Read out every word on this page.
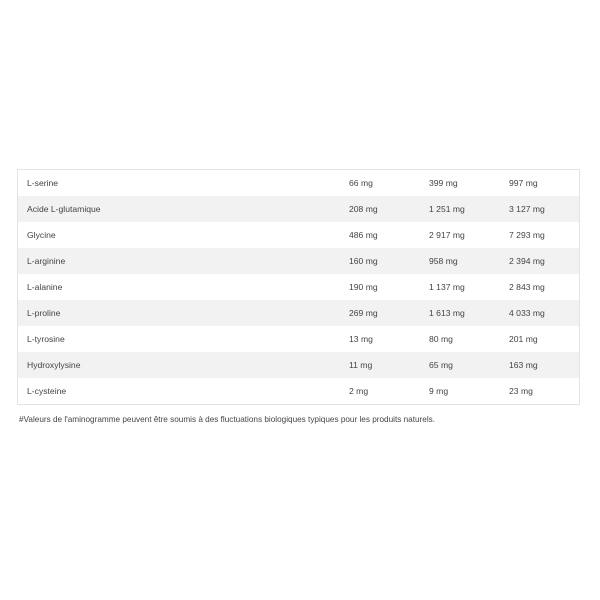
L-serine	66 mg	399 mg	997 mg
Acide L-glutamique	208 mg	1 251 mg	3 127 mg
Glycine	486 mg	2 917 mg	7 293 mg
L-arginine	160 mg	958 mg	2 394 mg
L-alanine	190 mg	1 137 mg	2 843 mg
L-proline	269 mg	1 613 mg	4 033 mg
L-tyrosine	13 mg	80 mg	201 mg
Hydroxylysine	11 mg	65 mg	163 mg
L-cysteine	2 mg	9 mg	23 mg
#Valeurs de l'aminogramme peuvent être soumis à des fluctuations biologiques typiques pour les produits naturels.
